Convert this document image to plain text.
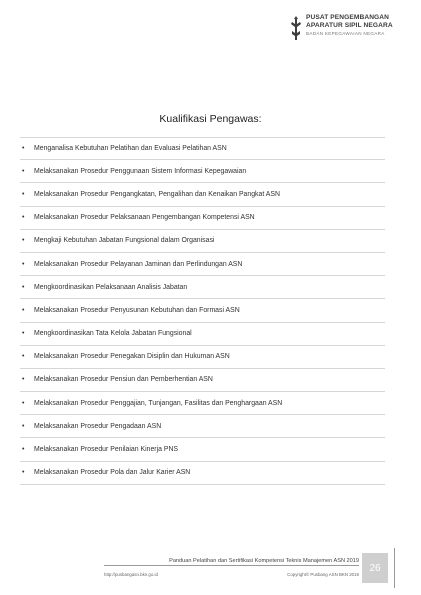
PUSAT PENGEMBANGAN
APARATUR SIPIL NEGARA
BADAN KEPEGAWAIAN NEGARA
Kualifikasi Pengawas:
•	Menganalisa Kebutuhan Pelatihan dan Evaluasi Pelatihan ASN
•	Melaksanakan Prosedur Penggunaan Sistem Informasi Kepegawaian
•	Melaksanakan Prosedur Pengangkatan, Pengalihan dan Kenaikan Pangkat ASN
•	Melaksanakan Prosedur Pelaksanaan Pengembangan Kompetensi ASN
•	Mengkaji Kebutuhan Jabatan Fungsional dalam Organisasi
•	Melaksanakan Prosedur Pelayanan Jaminan dan Perlindungan ASN
•	Mengkoordinasikan Pelaksanaan Analisis Jabatan
•	Melaksanakan Prosedur Penyusunan Kebutuhan dan Formasi ASN
•	Mengkoordinasikan Tata Kelola Jabatan Fungsional
•	Melaksanakan Prosedur Penegakan Disiplin dan Hukuman ASN
•	Melaksanakan Prosedur Pensiun dan Pemberhentian ASN
•	Melaksanakan Prosedur Penggajian, Tunjangan, Fasilitas dan Penghargaan ASN
•	Melaksanakan Prosedur Pengadaan ASN
•	Melaksanakan Prosedur Penilaian Kinerja PNS
•	Melaksanakan Prosedur Pola dan Jalur Karier ASN
Panduan Pelatihan dan Sertifikasi Kompetensi Teknis Manajemen ASN 2019
http://pusbangasn.bkn.go.id	Copyright© Pusbang ASN BKN 2019
26
